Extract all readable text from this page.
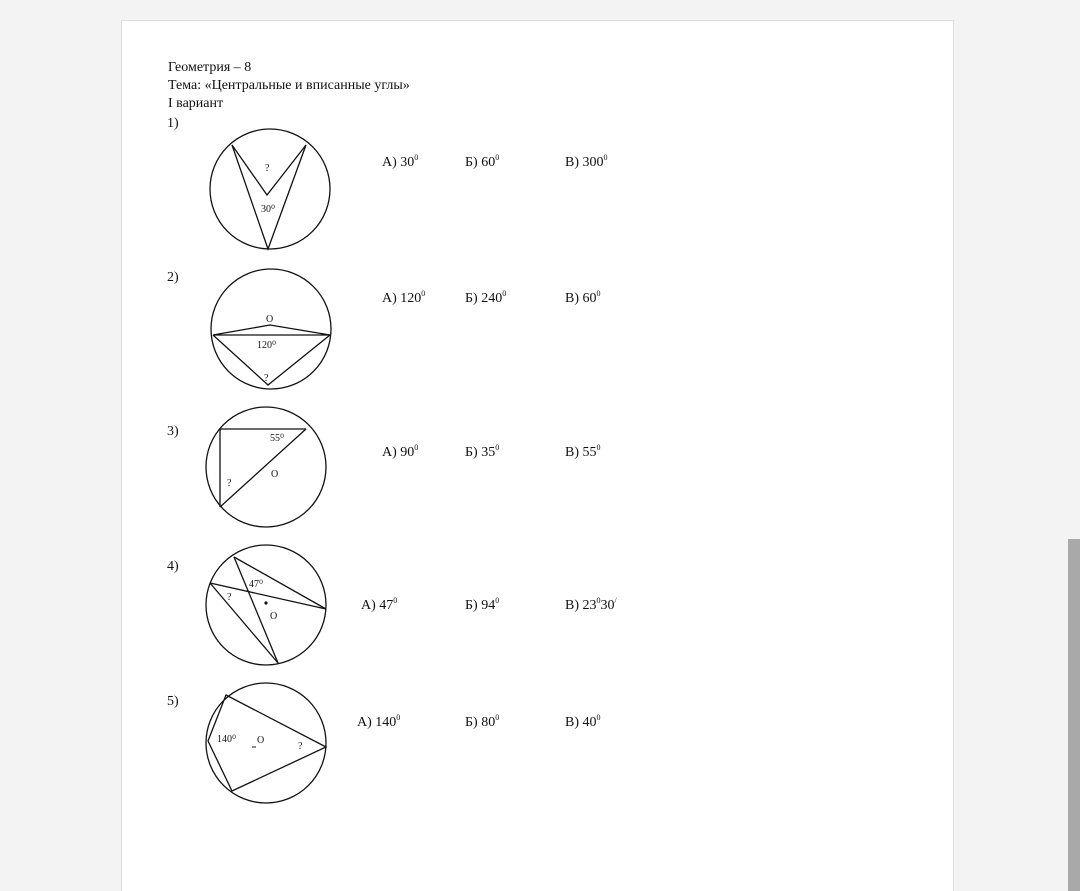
Геометрия – 8
Тема: «Центральные и вписанные углы»
I вариант
1)
?
30⁰
А) $30^0$	Б) $60^0$	В) $300^0$
2)
O
120⁰
?
А) $120^0$	Б) $240^0$	В) $60^0$
3)	55⁰
O
?
А) $90^0$	Б) $35^0$	В) $55^0$
4)
47⁰
?
O
А) $47^0$	Б) $94^0$	В) $23^030^/$
5)
140⁰ O
?
А) $140^0$	Б) $80^0$	В) $40^0$
